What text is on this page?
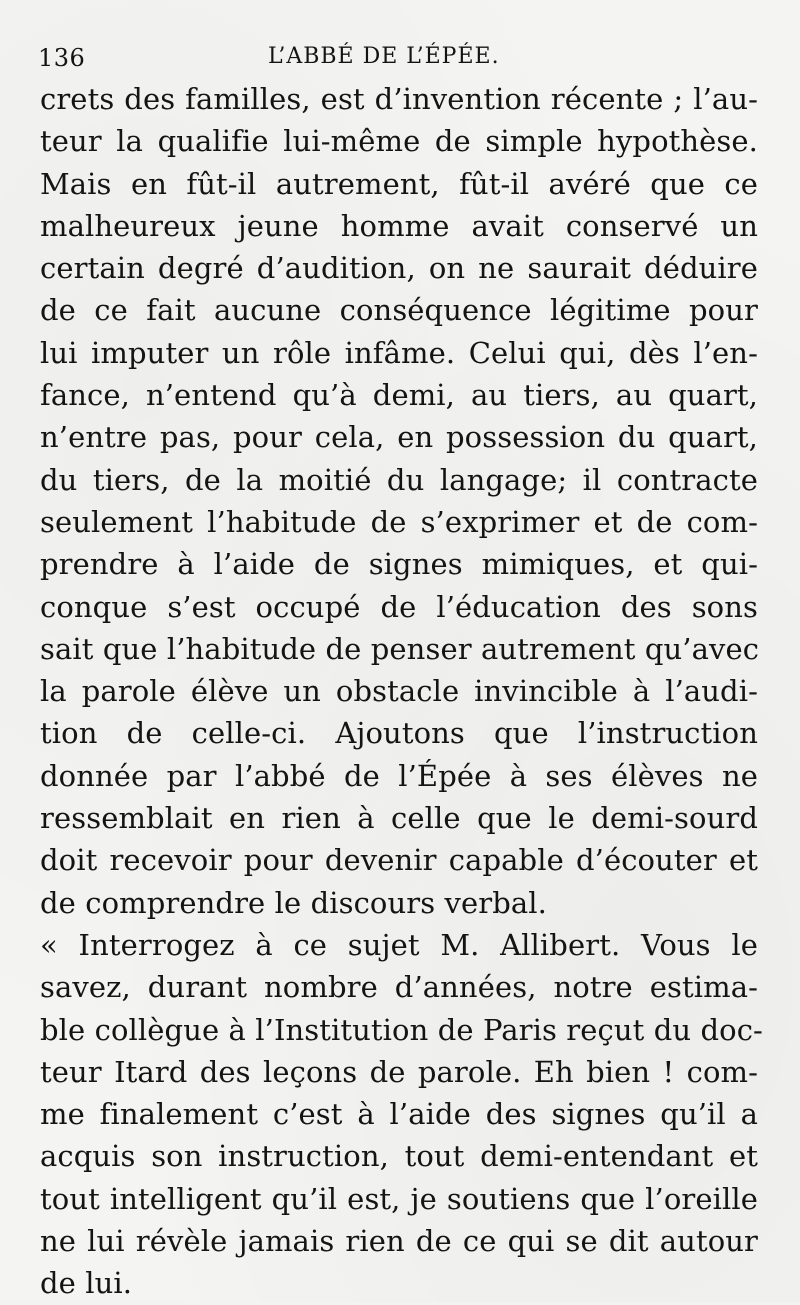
136	L’ABBÉ DE L’ÉPÉE.
crets des familles, est d’invention récente ; l’au-
teur la qualifie lui-même de simple hypothèse.
Mais en fût-il autrement, fût-il avéré que ce
malheureux jeune homme avait conservé un
certain degré d’audition, on ne saurait déduire
de ce fait aucune conséquence légitime pour
lui imputer un rôle infâme. Celui qui, dès l’en-
fance, n’entend qu’à demi, au tiers, au quart,
n’entre pas, pour cela, en possession du quart,
du tiers, de la moitié du langage; il contracte
seulement l’habitude de s’exprimer et de com-
prendre à l’aide de signes mimiques, et qui-
conque s’est occupé de l’éducation des sons
sait que l’habitude de penser autrement qu’avec
la parole élève un obstacle invincible à l’audi-
tion de celle-ci. Ajoutons que l’instruction
donnée par l’abbé de l’Épée à ses élèves ne
ressemblait en rien à celle que le demi-sourd
doit recevoir pour devenir capable d’écouter et
de comprendre le discours verbal.
« Interrogez à ce sujet M. Allibert. Vous le
savez, durant nombre d’années, notre estima-
ble collègue à l’Institution de Paris reçut du doc-
teur Itard des leçons de parole. Eh bien ! com-
me finalement c’est à l’aide des signes qu’il a
acquis son instruction, tout demi-entendant et
tout intelligent qu’il est, je soutiens que l’oreille
ne lui révèle jamais rien de ce qui se dit autour
de lui.
